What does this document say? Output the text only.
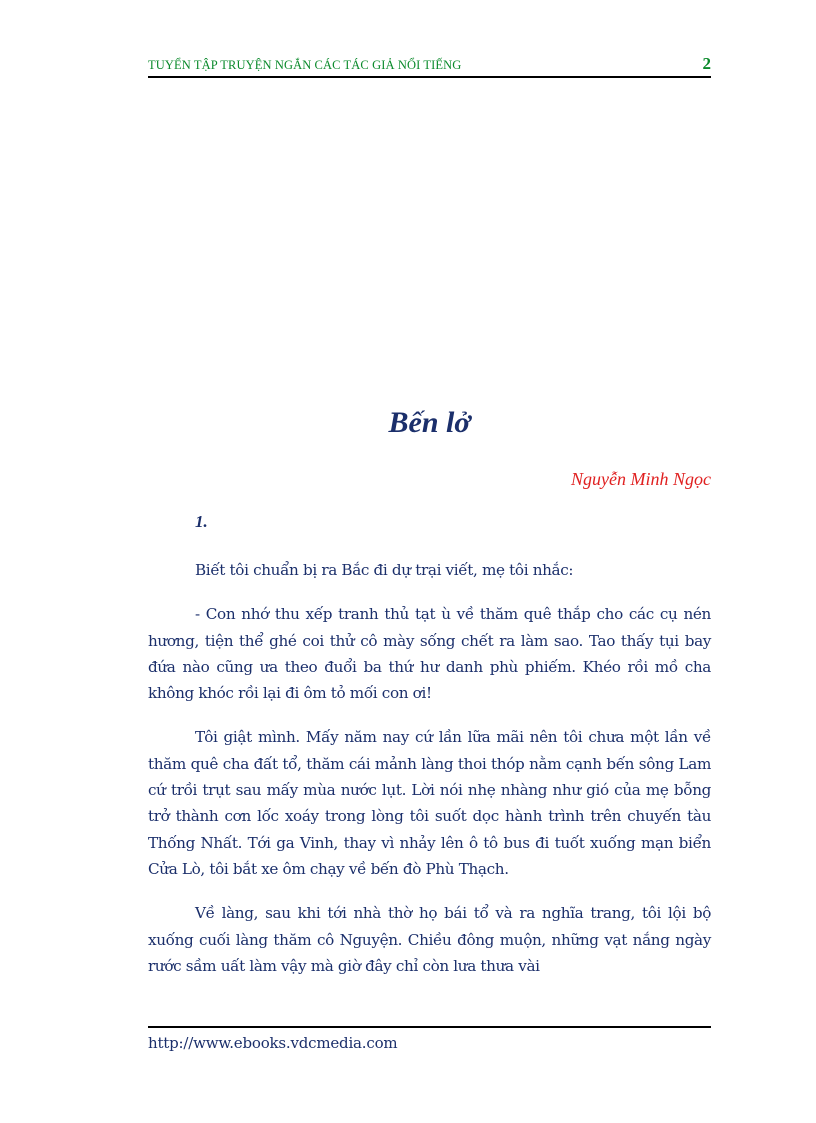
TUYỂN TẬP TRUYỆN NGẮN CÁC TÁC GIẢ NỔI TIẾNG	2
Bến lở
Nguyễn Minh Ngọc
1.

Biết tôi chuẩn bị ra Bắc đi dự trại viết, mẹ tôi nhắc:

- Con nhớ thu xếp tranh thủ tạt ù về thăm quê thắp cho các cụ nén hương, tiện thể ghé coi thử cô mày sống chết ra làm sao. Tao thấy tụi bay đứa nào cũng ưa theo đuổi ba thứ hư danh phù phiếm. Khéo rồi mồ cha không khóc rồi lại đi ôm tỏ mối con ơi!

Tôi giật mình. Mấy năm nay cứ lần lữa mãi nên tôi chưa một lần về thăm quê cha đất tổ, thăm cái mảnh làng thoi thóp nằm cạnh bến sông Lam cứ trồi trụt sau mấy mùa nước lụt. Lời nói nhẹ nhàng như gió của mẹ bỗng trở thành cơn lốc xoáy trong lòng tôi suốt dọc hành trình trên chuyến tàu Thống Nhất. Tới ga Vinh, thay vì nhảy lên ô tô bus đi tuốt xuống mạn biển Cửa Lò, tôi bắt xe ôm chạy về bến đò Phù Thạch.

Về làng, sau khi tới nhà thờ họ bái tổ và ra nghĩa trang, tôi lội bộ xuống cuối làng thăm cô Nguyện. Chiều đông muộn, những vạt nắng ngày rước sầm uất làm vậy mà giờ đây chỉ còn lưa thưa vài

http://www.ebooks.vdcmedia.com
